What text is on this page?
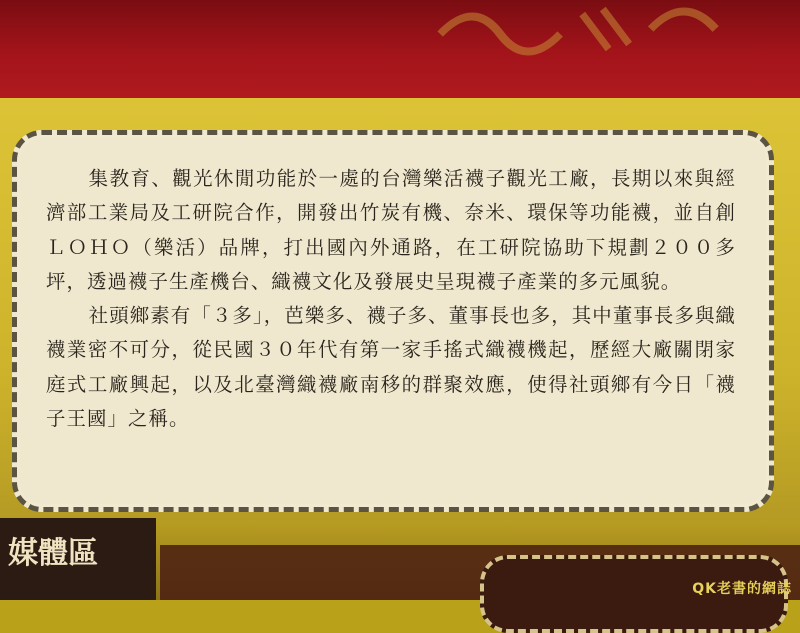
集教育、觀光休閒功能於一處的台灣樂活襪子觀光工廠，長期以來與經濟部工業局及工研院合作，開發出竹炭有機、奈米、環保等功能襪，並自創ＬＯＨＯ（樂活）品牌，打出國內外通路，在工研院協助下規劃２００多坪，透過襪子生產機台、織襪文化及發展史呈現襪子產業的多元風貌。

社頭鄉素有「３多」，芭樂多、襪子多、董事長也多，其中董事長多與織襪業密不可分，從民國３０年代有第一家手搖式織襪機起，歷經大廠關閉家庭式工廠興起，以及北臺灣織襪廠南移的群聚效應，使得社頭鄉有今日「襪子王國」之稱。

媒體區
QK老書的網誌
